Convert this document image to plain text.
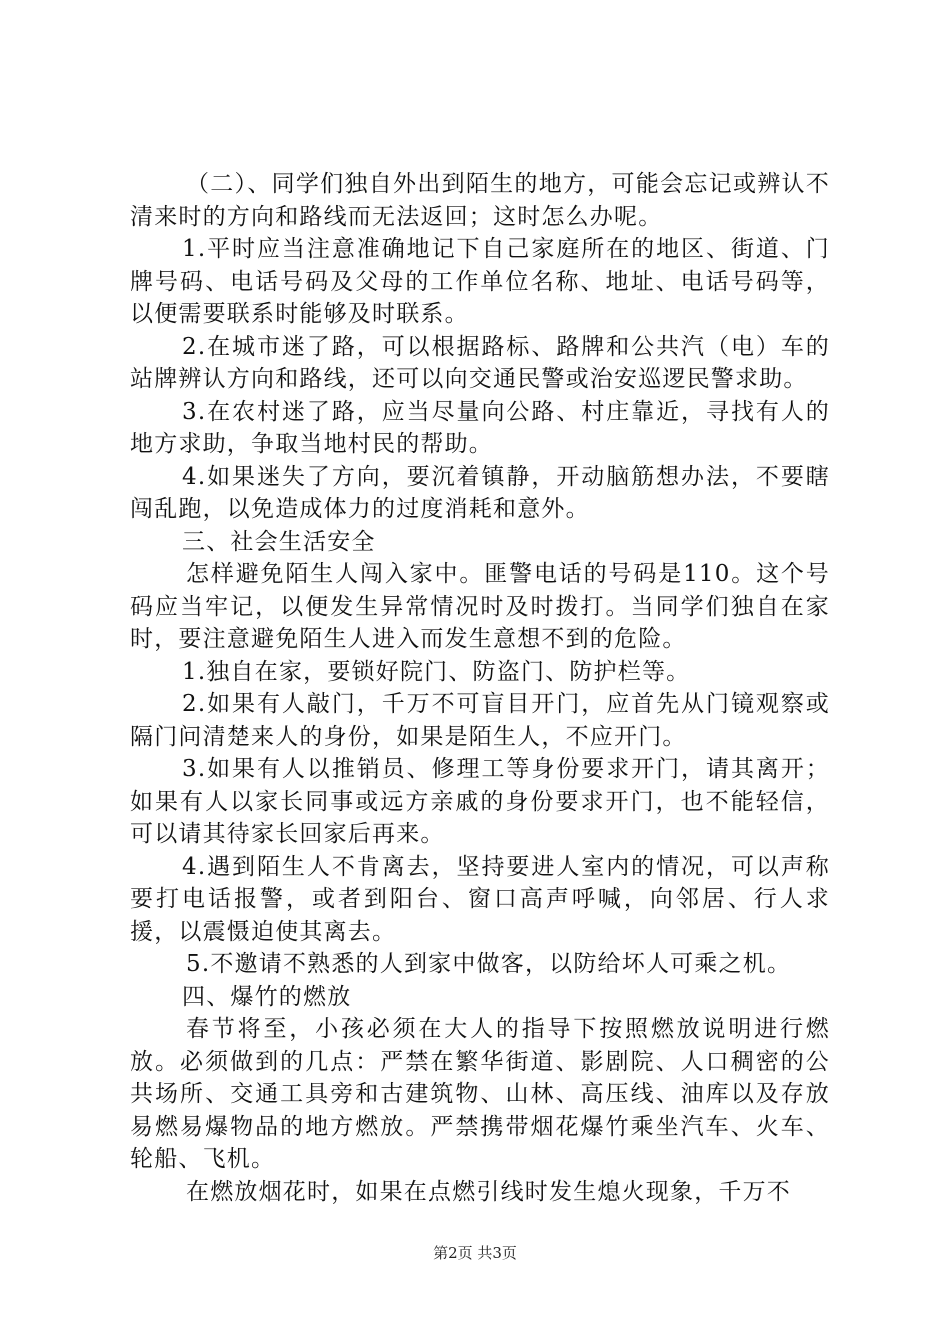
（二）、同学们独自外出到陌生的地方，可能会忘记或辨认不清来时的方向和路线而无法返回；这时怎么办呢。

1.平时应当注意准确地记下自己家庭所在的地区、街道、门牌号码、电话号码及父母的工作单位名称、地址、电话号码等，以便需要联系时能够及时联系。

2.在城市迷了路，可以根据路标、路牌和公共汽（电）车的站牌辨认方向和路线，还可以向交通民警或治安巡逻民警求助。

3.在农村迷了路，应当尽量向公路、村庄靠近，寻找有人的地方求助，争取当地村民的帮助。

4.如果迷失了方向，要沉着镇静，开动脑筋想办法，不要瞎闯乱跑，以免造成体力的过度消耗和意外。

三、社会生活安全

怎样避免陌生人闯入家中。匪警电话的号码是110。这个号码应当牢记，以便发生异常情况时及时拨打。当同学们独自在家时，要注意避免陌生人进入而发生意想不到的危险。

1.独自在家，要锁好院门、防盗门、防护栏等。

2.如果有人敲门，千万不可盲目开门，应首先从门镜观察或隔门问清楚来人的身份，如果是陌生人，不应开门。

3.如果有人以推销员、修理工等身份要求开门，请其离开；如果有人以家长同事或远方亲戚的身份要求开门，也不能轻信，可以请其待家长回家后再来。

4.遇到陌生人不肯离去，坚持要进人室内的情况，可以声称要打电话报警，或者到阳台、窗口高声呼喊，向邻居、行人求援，以震慑迫使其离去。

5.不邀请不熟悉的人到家中做客，以防给坏人可乘之机。

四、爆竹的燃放

春节将至，小孩必须在大人的指导下按照燃放说明进行燃放。必须做到的几点：严禁在繁华街道、影剧院、人口稠密的公共场所、交通工具旁和古建筑物、山林、高压线、油库以及存放易燃易爆物品的地方燃放。严禁携带烟花爆竹乘坐汽车、火车、轮船、飞机。

在燃放烟花时，如果在点燃引线时发生熄火现象，千万不

第2页 共3页
